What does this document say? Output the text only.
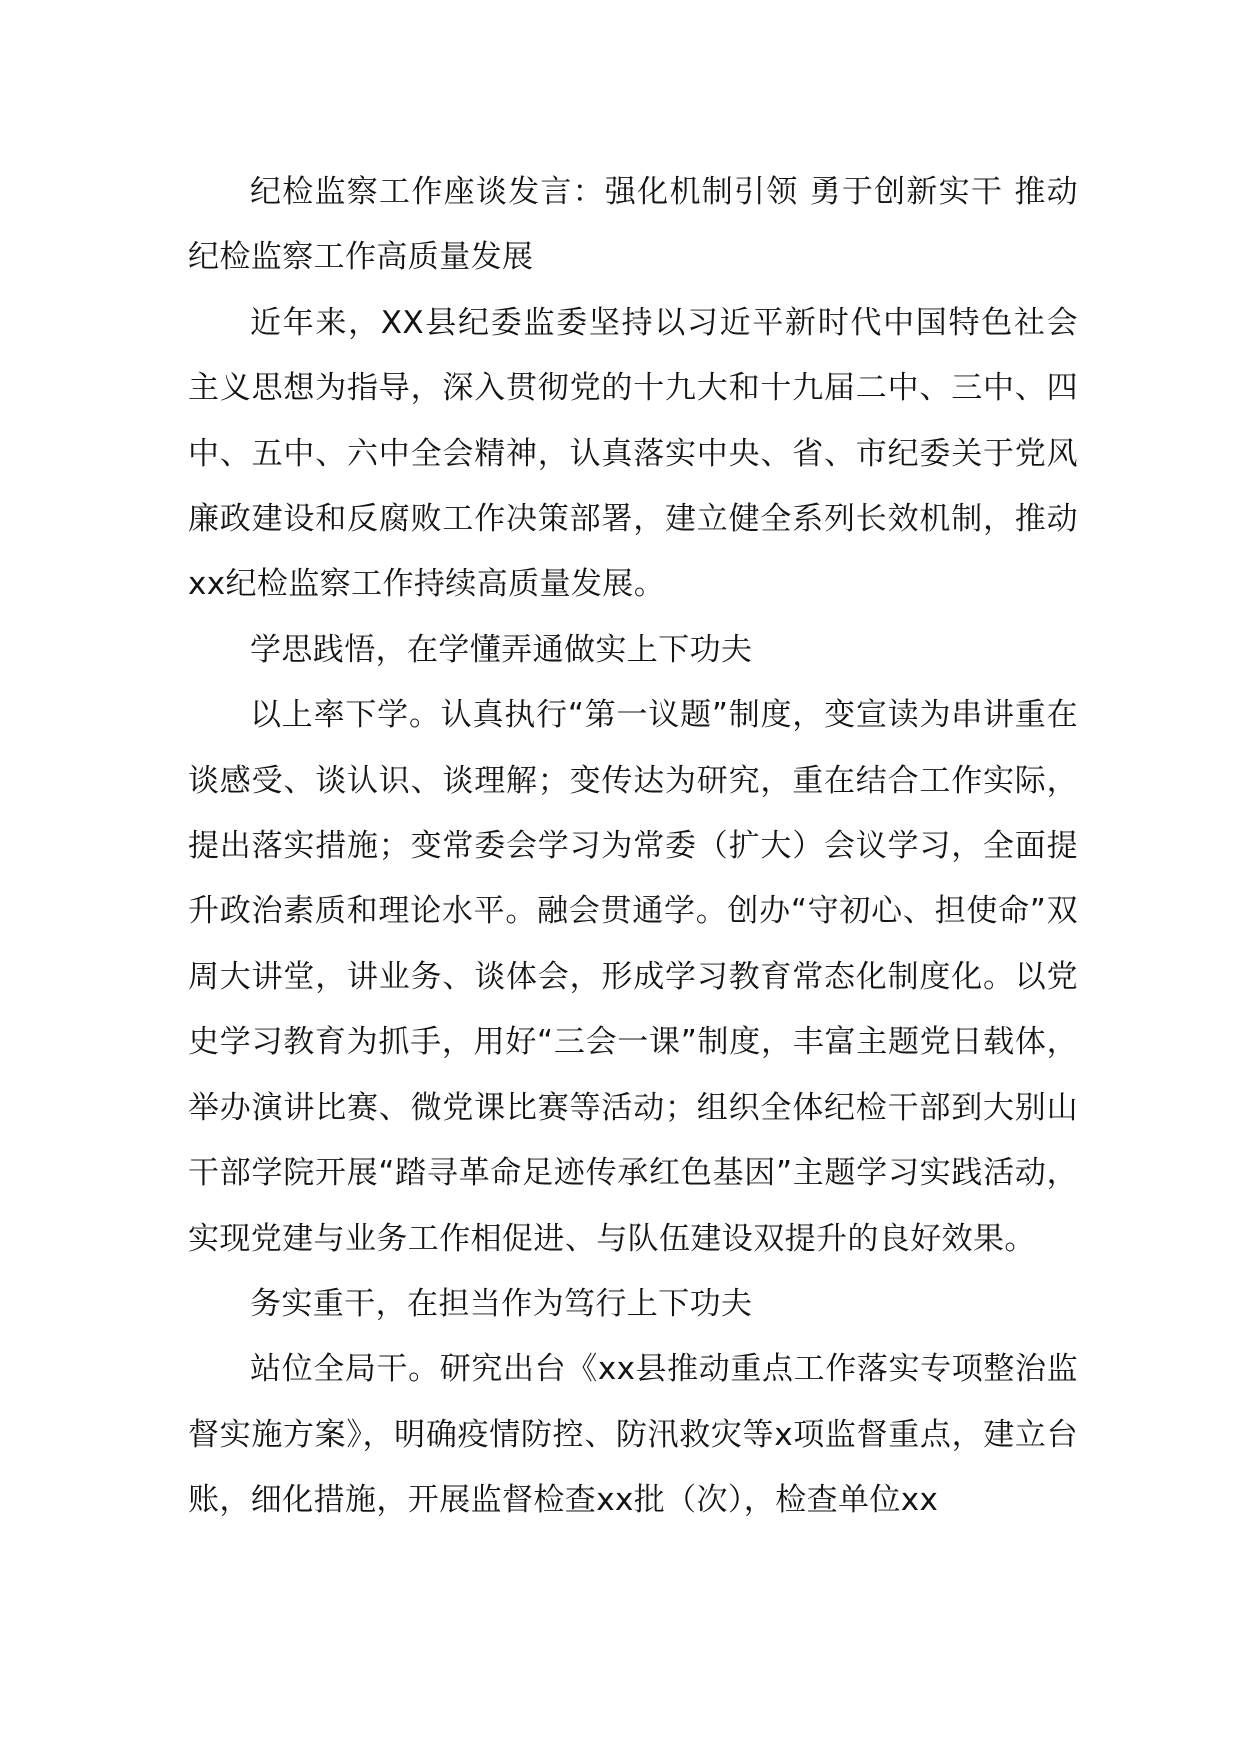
纪检监察工作座谈发言：强化机制引领 勇于创新实干 推动纪检监察工作高质量发展

近年来，XX县纪委监委坚持以习近平新时代中国特色社会主义思想为指导，深入贯彻党的十九大和十九届二中、三中、四中、五中、六中全会精神，认真落实中央、省、市纪委关于党风廉政建设和反腐败工作决策部署，建立健全系列长效机制，推动xx纪检监察工作持续高质量发展。

学思践悟，在学懂弄通做实上下功夫

以上率下学。认真执行“第一议题”制度，变宣读为串讲重在谈感受、谈认识、谈理解；变传达为研究，重在结合工作实际，提出落实措施；变常委会学习为常委（扩大）会议学习，全面提升政治素质和理论水平。融会贯通学。创办“守初心、担使命”双周大讲堂，讲业务、谈体会，形成学习教育常态化制度化。以党史学习教育为抓手，用好“三会一课”制度，丰富主题党日载体，举办演讲比赛、微党课比赛等活动；组织全体纪检干部到大别山干部学院开展“踏寻革命足迹传承红色基因”主题学习实践活动，实现党建与业务工作相促进、与队伍建设双提升的良好效果。

务实重干，在担当作为笃行上下功夫

站位全局干。研究出台《xx县推动重点工作落实专项整治监督实施方案》，明确疫情防控、防汛救灾等x项监督重点，建立台账，细化措施，开展监督检查xx批（次），检查单位xx
